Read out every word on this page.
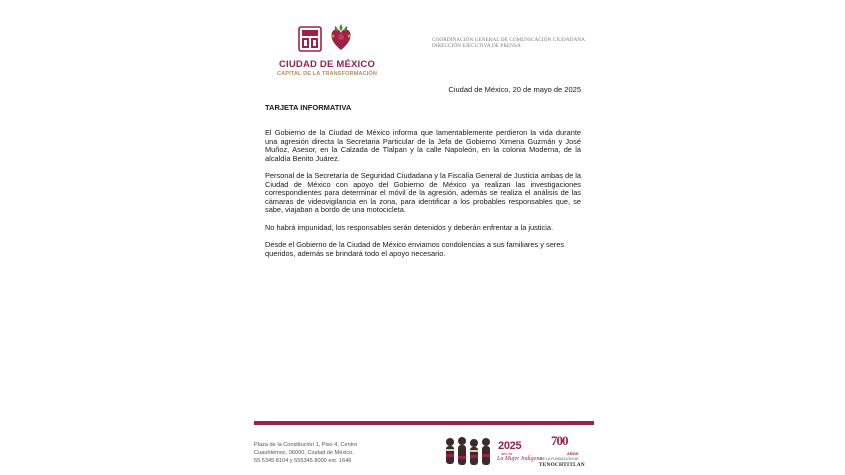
CIUDAD DE MÉXICO
CAPITAL DE LA TRANSFORMACIÓN
COORDINACIÓN GENERAL DE COMUNICACIÓN CIUDADANA
DIRECCIÓN EJECUTIVA DE PRENSA
Ciudad de México, 20 de mayo de 2025
TARJETA INFORMATIVA
El Gobierno de la Ciudad de México informa que lamentablemente perdieron la vida durante una agresión directa la Secretaria Particular de la Jefa de Gobierno Ximena Guzmán y José Muñoz, Asesor, en la Calzada de Tlalpan y la calle Napoleón, en la colonia Moderna, de la alcaldía Benito Juárez.
Personal de la Secretaría de Seguridad Ciudadana y la Fiscalía General de Justicia ambas de la Ciudad de México con apoyo del Gobierno de México ya realizan las investigaciones correspondientes para determinar el móvil de la agresión, además se realiza el análisis de las cámaras de videovigilancia en la zona, para identificar a los probables responsables que, se sabe, viajaban a bordo de una motocicleta.
No habrá impunidad, los responsables serán detenidos y deberán enfrentar a la justicia.
Desde el Gobierno de la Ciudad de México enviamos condolencias a sus familiares y seres queridos, además se brindará todo el apoyo necesario.
Plaza de la Constitución 1, Piso 4, Centro
Cuauhtémoc, 06000, Ciudad de México.
55 5345 8104 y 555345 8000 ext. 1646
2025
Año de
La Mujer Indígena
700
AÑOS
DE LA FUNDACIÓN DE
TENOCHTITLAN
